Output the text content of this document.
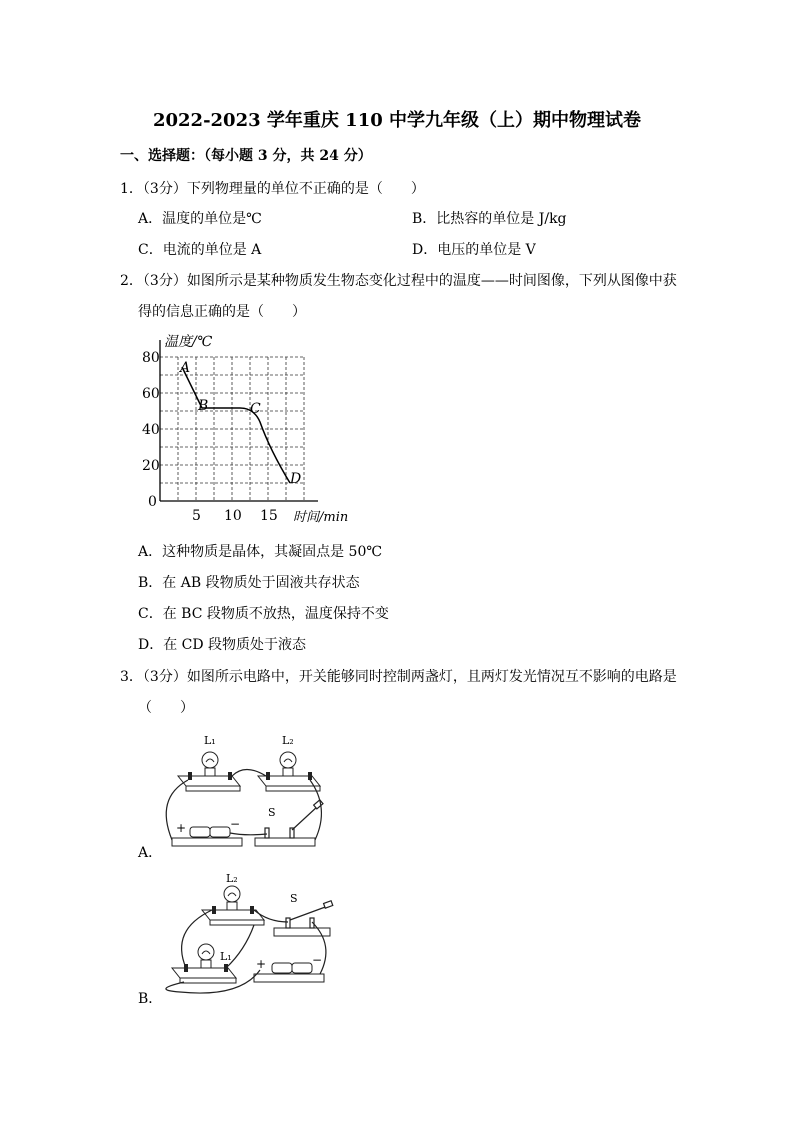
2022-2023 学年重庆 110 中学九年级（上）期中物理试卷
一、选择题：（每小题 3 分，共 24 分）
1．（3分）下列物理量的单位不正确的是（　　）
A．温度的单位是℃	B．比热容的单位是 J/kg
C．电流的单位是 A	D．电压的单位是 V
2．（3分）如图所示是某种物质发生物态变化过程中的温度——时间图像，下列从图像中获
得的信息正确的是（　　）
温度/℃
时间/min
80
60
40
20
0
5 10 15
A
B	C
D
A．这种物质是晶体，其凝固点是 50℃
B．在 AB 段物质处于固液共存状态
C．在 BC 段物质不放热，温度保持不变
D．在 CD 段物质处于液态
3．（3分）如图所示电路中，开关能够同时控制两盏灯，且两灯发光情况互不影响的电路是
（　　）
A．
L₁	L₂
S
+	−
B．
L₂
L₁
S
+	−
